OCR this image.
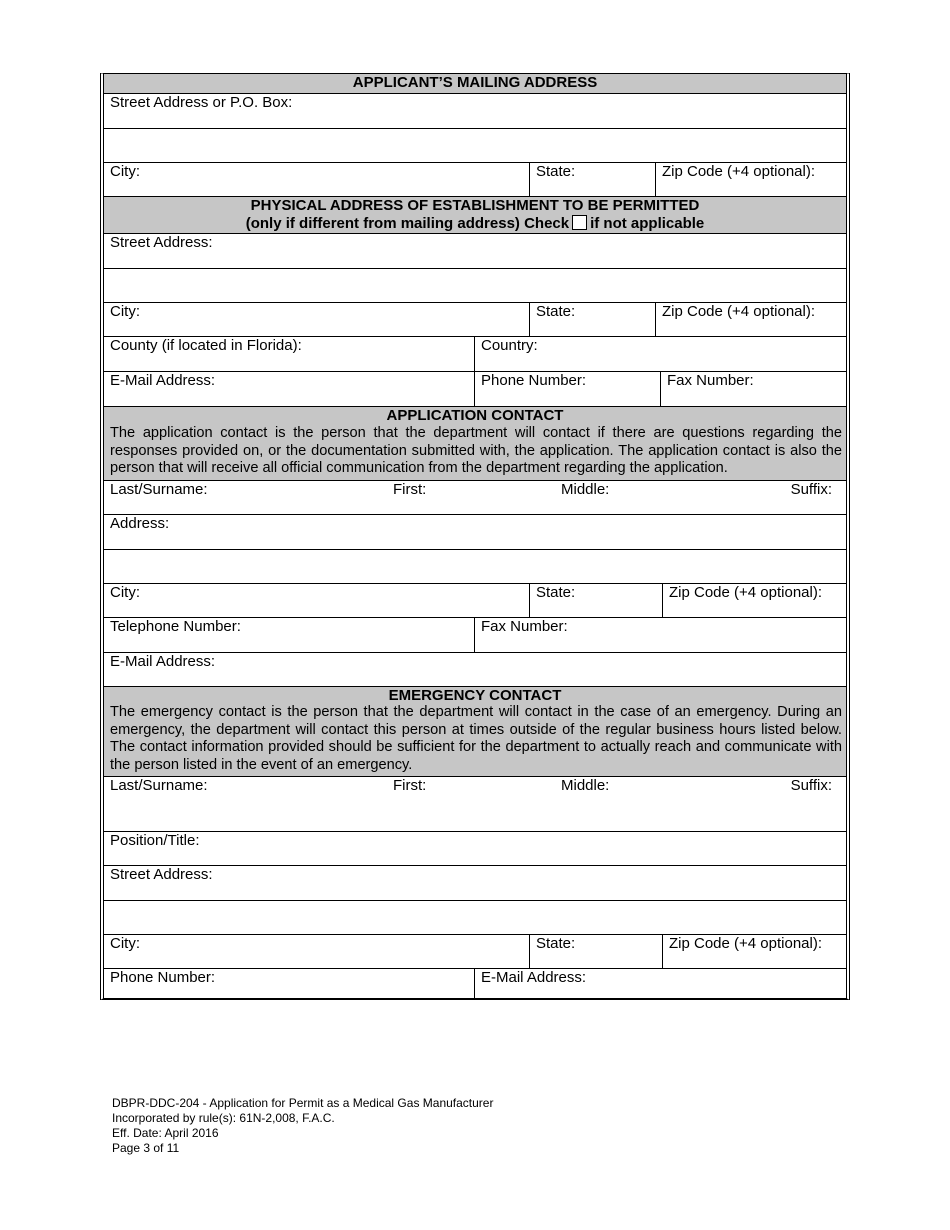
APPLICANT’S MAILING ADDRESS
Street Address or P.O. Box:
City:	State:	Zip Code (+4 optional):
PHYSICAL ADDRESS OF ESTABLISHMENT TO BE PERMITTED
(only if different from mailing address) Check if not applicable
Street Address:
City:	State:	Zip Code (+4 optional):
County (if located in Florida):	Country:
E-Mail Address:	Phone Number:	Fax Number:
APPLICATION CONTACT
The application contact is the person that the department will contact if there are questions regarding the responses provided on, or the documentation submitted with, the application. The application contact is also the person that will receive all official communication from the department regarding the application.
Last/Surname:	First:	Middle:	Suffix:
Address:
City:	State:	Zip Code (+4 optional):
Telephone Number:	Fax Number:
E-Mail Address:
EMERGENCY CONTACT
The emergency contact is the person that the department will contact in the case of an emergency. During an emergency, the department will contact this person at times outside of the regular business hours listed below. The contact information provided should be sufficient for the department to actually reach and communicate with the person listed in the event of an emergency.
Last/Surname:	First:	Middle:	Suffix:
Position/Title:
Street Address:
City:	State:	Zip Code (+4 optional):
Phone Number:	E-Mail Address:
DBPR-DDC-204 - Application for Permit as a Medical Gas Manufacturer
Incorporated by rule(s): 61N-2,008, F.A.C.
Eff. Date: April 2016
Page 3 of 11
